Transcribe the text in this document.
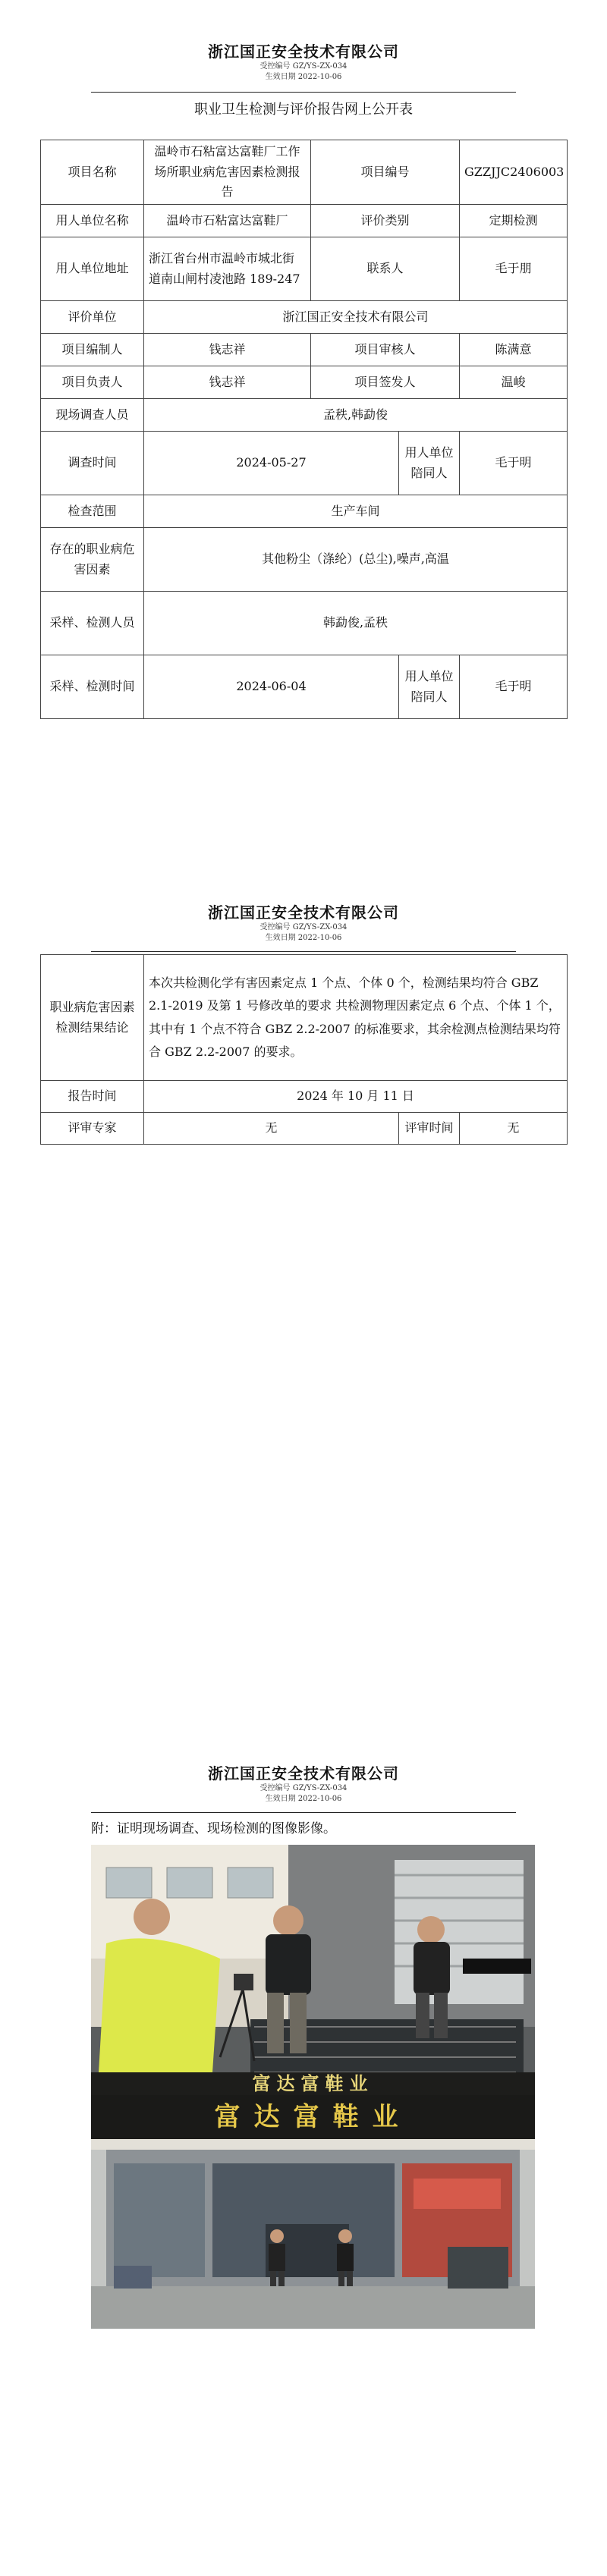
浙江国正安全技术有限公司
受控编号 GZ/YS-ZX-034
生效日期 2022-10-06
职业卫生检测与评价报告网上公开表
项目名称	温岭市石粘富达富鞋厂工作场所职业病危害因素检测报告	项目编号		GZZJJC2406003
用人单位名称	温岭市石粘富达富鞋厂	评价类别		定期检测
用人单位地址	浙江省台州市温岭市城北街道南山闸村凌池路 189-247	联系人		毛于朋
评价单位	浙江国正安全技术有限公司			
项目编制人	钱志祥	项目审核人		陈满意
项目负责人	钱志祥	项目签发人		温峻
现场调查人员	孟秩,韩勐俊			
调查时间	2024-05-27		用人单位陪同人	毛于明
检查范围	生产车间			
存在的职业病危害因素	其他粉尘（涤纶）(总尘),噪声,高温			
采样、检测人员	韩勐俊,孟秩			
采样、检测时间	2024-06-04		用人单位陪同人	毛于明
浙江国正安全技术有限公司
受控编号 GZ/YS-ZX-034
生效日期 2022-10-06
职业病危害因素检测结果结论	本次共检测化学有害因素定点 1 个点、个体 0 个，检测结果均符合 GBZ 2.1-2019 及第 1 号修改单的要求 共检测物理因素定点 6 个点、个体 1 个，其中有 1 个点不符合 GBZ 2.2-2007 的标准要求，其余检测点检测结果均符合 GBZ 2.2-2007 的要求。		
报告时间	2024 年 10 月 11 日		
评审专家	无	评审时间	无
浙江国正安全技术有限公司
受控编号 GZ/YS-ZX-034
生效日期 2022-10-06
附：证明现场调查、现场检测的图像影像。
富达富鞋业
富达富鞋业
